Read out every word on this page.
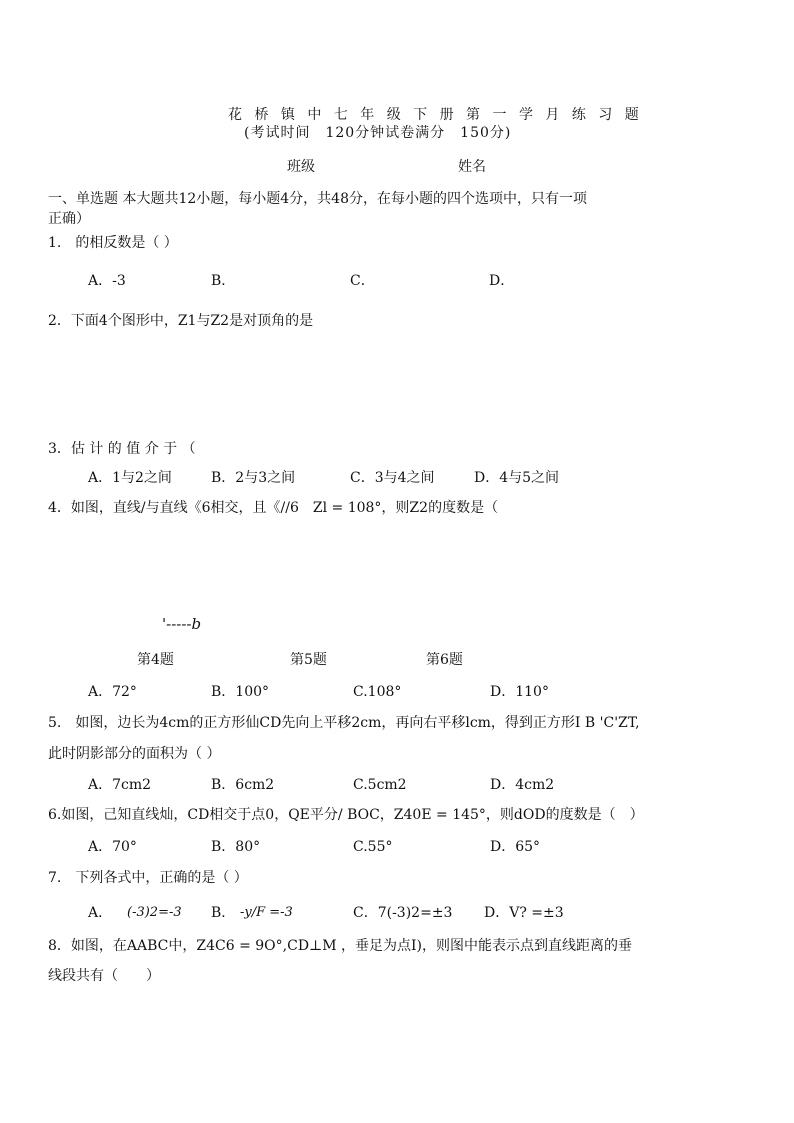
花 桥 镇 中 七 年 级 下 册 第 一 学 月 练 习 题
(考试时间　120分钟试卷满分　150分)
班级	姓名
一、单选题 本大题共12小题，每小题4分，共48分，在每小题的四个选项中，只有一项
正确）
1.　的相反数是（ ）
A．-3	B．	C．	D．
2．下面4个图形中，Z1与Z2是对顶角的是
3．估 计 的 值 介 于 （
A．1与2之间	B．2与3之间	C．3与4之间	D．4与5之间
4．如图，直线/与直线《6相交，且《//6　Zl = 108°，则Z2的度数是（
'-----b
第4题	第5题	第6题
A．72°	B．100°	C.108°	D．110°
5.　如图，边长为4cm的正方形仙CD先向上平移2cm，再向右平移lcm，得到正方形I B 'C'ZT,
此时阴影部分的面积为（ ）
A．7cm2	B．6cm2	C.5cm2	D．4cm2
6.如图，己知直线灿，CD相交于点0，QE平分/ BOC，Z40E = 145°，则dOD的度数是（　）
A．70°	B．80°	C.55°	D．65°
7.　下列各式中，正确的是（ ）
A． (-3)2=-3 B． -y/F =-3	C．7(-3)2=±3 D．V? =±3
8．如图，在AABC中，Z4C6 = 9O°,CD⊥M ，垂足为点I)，则图中能表示点到直线距离的垂
线段共有（　　）
